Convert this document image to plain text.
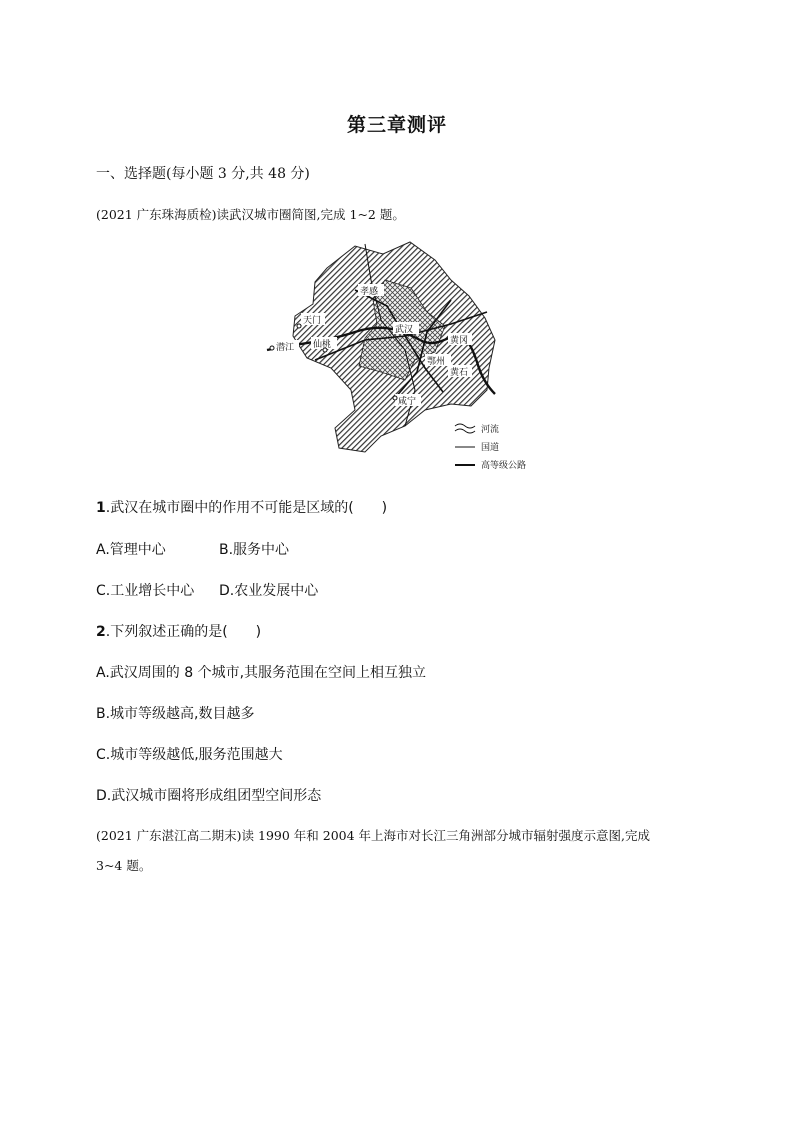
第三章测评
一、选择题(每小题 3 分,共 48 分)
(2021 广东珠海质检)读武汉城市圈简图,完成 1~2 题。
孝感
天门
武汉
黄冈
潜江 仙桃
鄂州
黄石
咸宁
河流
国道
高等级公路
1.武汉在城市圈中的作用不可能是区域的(　　)
A.管理中心	B.服务中心
C.工业增长中心 D.农业发展中心
2.下列叙述正确的是(　　)
A.武汉周围的 8 个城市,其服务范围在空间上相互独立
B.城市等级越高,数目越多
C.城市等级越低,服务范围越大
D.武汉城市圈将形成组团型空间形态
(2021 广东湛江高二期末)读 1990 年和 2004 年上海市对长江三角洲部分城市辐射强度示意图,完成
3~4 题。
